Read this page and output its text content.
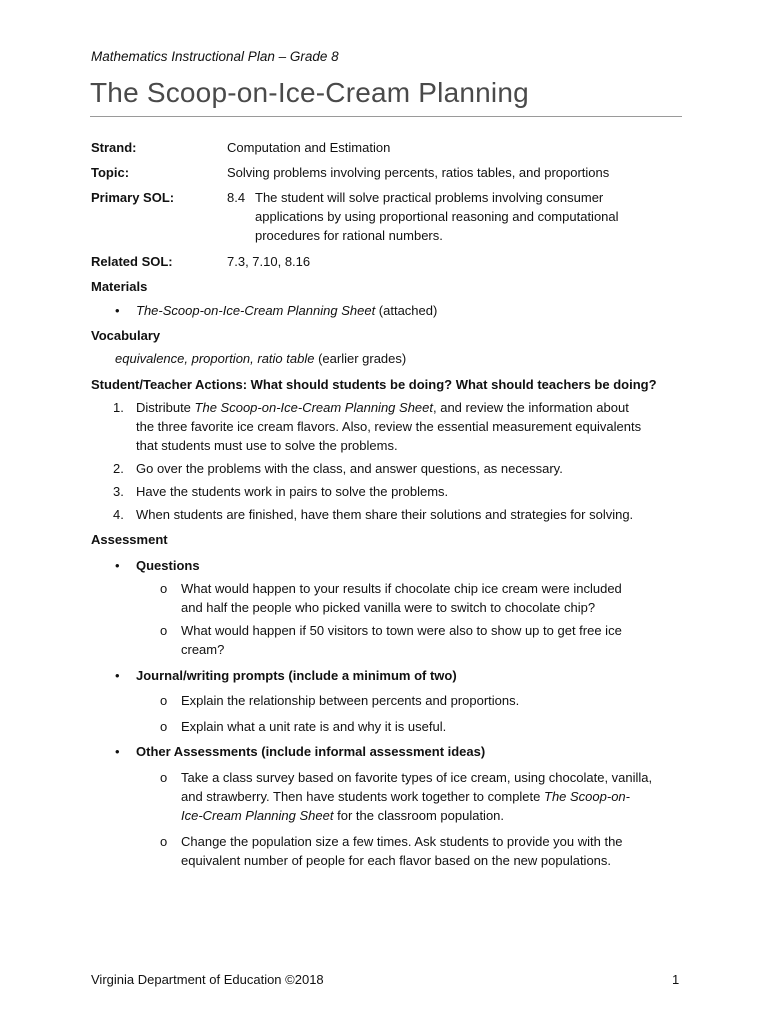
Mathematics Instructional Plan – Grade 8
The Scoop-on-Ice-Cream Planning
Strand:	Computation and Estimation
Topic:	Solving problems involving percents, ratios tables, and proportions
Primary SOL:	8.4 The student will solve practical problems involving consumer
applications by using proportional reasoning and computational
procedures for rational numbers.
Related SOL:	7.3, 7.10, 8.16
Materials
• The-Scoop-on-Ice-Cream Planning Sheet (attached)
Vocabulary
equivalence, proportion, ratio table (earlier grades)
Student/Teacher Actions: What should students be doing? What should teachers be doing?
1. Distribute The Scoop-on-Ice-Cream Planning Sheet, and review the information about
the three favorite ice cream flavors. Also, review the essential measurement equivalents
that students must use to solve the problems.
2. Go over the problems with the class, and answer questions, as necessary.
3. Have the students work in pairs to solve the problems.
4. When students are finished, have them share their solutions and strategies for solving.
Assessment
• Questions
o What would happen to your results if chocolate chip ice cream were included
and half the people who picked vanilla were to switch to chocolate chip?
o What would happen if 50 visitors to town were also to show up to get free ice
cream?
• Journal/writing prompts (include a minimum of two)
o Explain the relationship between percents and proportions.
o Explain what a unit rate is and why it is useful.
• Other Assessments (include informal assessment ideas)
o Take a class survey based on favorite types of ice cream, using chocolate, vanilla,
and strawberry. Then have students work together to complete The Scoop-on-
Ice-Cream Planning Sheet for the classroom population.
o Change the population size a few times. Ask students to provide you with the
equivalent number of people for each flavor based on the new populations.
Virginia Department of Education ©2018	1
